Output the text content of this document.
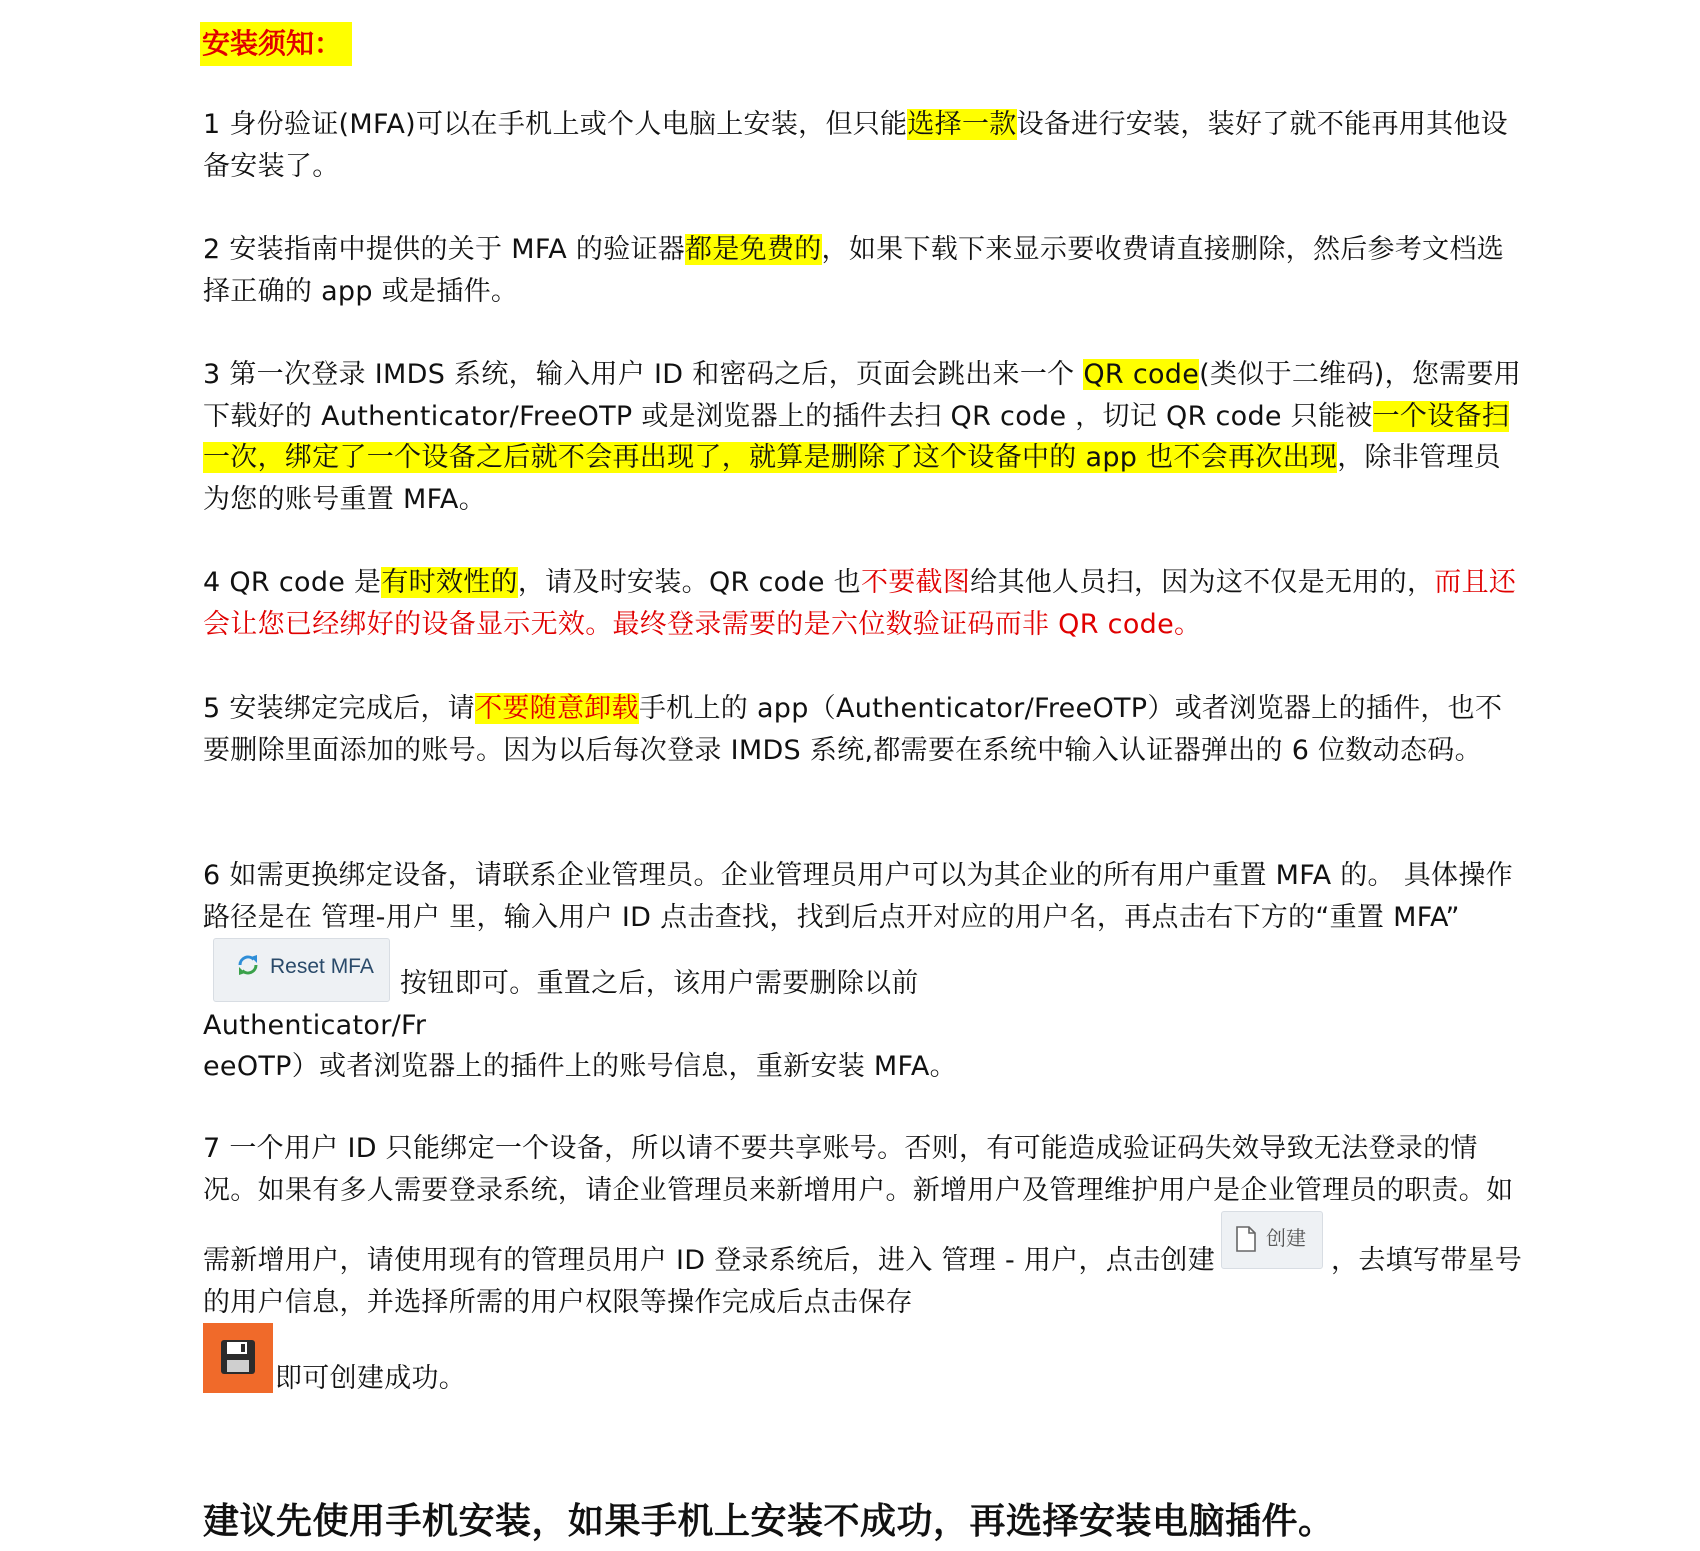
安装须知：
1 身份验证(MFA)可以在手机上或个人电脑上安装，但只能选择一款设备进行安装，装好了就不能再用其他设备安装了。
2 安装指南中提供的关于 MFA 的验证器都是免费的，如果下载下来显示要收费请直接删除，然后参考文档选择正确的 app 或是插件。
3 第一次登录 IMDS 系统，输入用户 ID 和密码之后，页面会跳出来一个 QR code(类似于二维码)，您需要用下载好的 Authenticator/FreeOTP 或是浏览器上的插件去扫 QR code ，切记 QR code 只能被一个设备扫一次，绑定了一个设备之后就不会再出现了，就算是删除了这个设备中的 app 也不会再次出现，除非管理员为您的账号重置 MFA。
4 QR code 是有时效性的，请及时安装。QR code 也不要截图给其他人员扫，因为这不仅是无用的，而且还会让您已经绑好的设备显示无效。最终登录需要的是六位数验证码而非 QR code。
5 安装绑定完成后，请不要随意卸载手机上的 app（Authenticator/FreeOTP）或者浏览器上的插件，也不要删除里面添加的账号。因为以后每次登录 IMDS 系统,都需要在系统中输入认证器弹出的 6 位数动态码。
6 如需更换绑定设备，请联系企业管理员。企业管理员用户可以为其企业的所有用户重置 MFA 的。 具体操作路径是在 管理-用户 里，输入用户 ID 点击查找，找到后点开对应的用户名，再点击右下方的“重置 MFA”
Reset MFA
按钮即可。重置之后，该用户需要删除以前
Authenticator/Fr
eeOTP）或者浏览器上的插件上的账号信息，重新安装 MFA。
7 一个用户 ID 只能绑定一个设备，所以请不要共享账号。否则，有可能造成验证码失效导致无法登录的情况。如果有多人需要登录系统，请企业管理员来新增用户。新增用户及管理维护用户是企业管理员的职责。如需新增用户，请使用现有的管理员用户 ID 登录系统后，进入 管理 - 用户，点击创建
创建
，去填写带星号的用户信息，并选择所需的用户权限等操作完成后点击保存

即可创建成功。
建议先使用手机安装，如果手机上安装不成功，再选择安装电脑插件。
